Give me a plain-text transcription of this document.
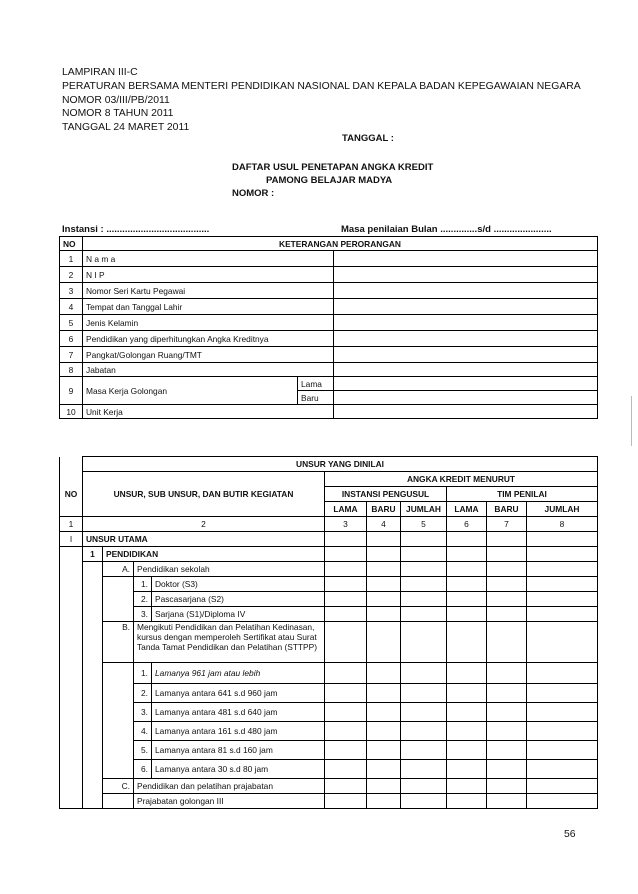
LAMPIRAN III-C
PERATURAN BERSAMA MENTERI PENDIDIKAN NASIONAL DAN KEPALA BADAN KEPEGAWAIAN NEGARA
NOMOR 03/III/PB/2011
NOMOR 8 TAHUN 2011
TANGGAL 24 MARET 2011
TANGGAL :
DAFTAR USUL PENETAPAN ANGKA KREDIT
PAMONG BELAJAR MADYA
NOMOR :
Instansi : .......................................	Masa penilaian Bulan ..............s/d ......................
NO	KETERANGAN PERORANGAN		
1	N a m a		
2	N I P		
3	Nomor Seri Kartu Pegawai		
4	Tempat dan Tanggal Lahir		
5	Jenis Kelamin		
6	Pendidikan yang diperhitungkan Angka Kreditnya		
7	Pangkat/Golongan Ruang/TMT		
8	Jabatan		
9	Masa Kerja Golongan	Lama	
		Baru	
10	Unit Kerja		
	UNSUR YANG DINILAI									
NO	UNSUR, SUB UNSUR, DAN BUTIR KEGIATAN				ANGKA KREDIT MENURUT					
					INSTANSI PENGUSUL			TIM PENILAI		
					LAMA	BARU	JUMLAH	LAMA	BARU	JUMLAH
1	2				3	4	5	6	7	8
I	UNSUR UTAMA									
	1	PENDIDIKAN								
		A.	Pendidikan sekolah							
			1.	Doktor (S3)						
			2.	Pascasarjana (S2)						
			3.	Sarjana (S1)/Diploma IV						
		B.	Mengikuti Pendidikan dan Pelatihan Kedinasan,
kursus dengan memperoleh Sertifikat atau Surat
Tanda Tamat Pendidikan dan Pelatihan (STTPP)							

			1.	Lamanya 961 jam atau lebih						
			2.	Lamanya antara 641 s.d 960 jam						
			3.	Lamanya antara 481 s.d 640 jam						
			4.	Lamanya antara 161 s.d 480 jam						
			5.	Lamanya antara 81 s.d 160 jam						
			6.	Lamanya antara 30 s.d 80 jam						
		C.	Pendidikan dan pelatihan prajabatan							
			Prajabatan golongan III							
56
